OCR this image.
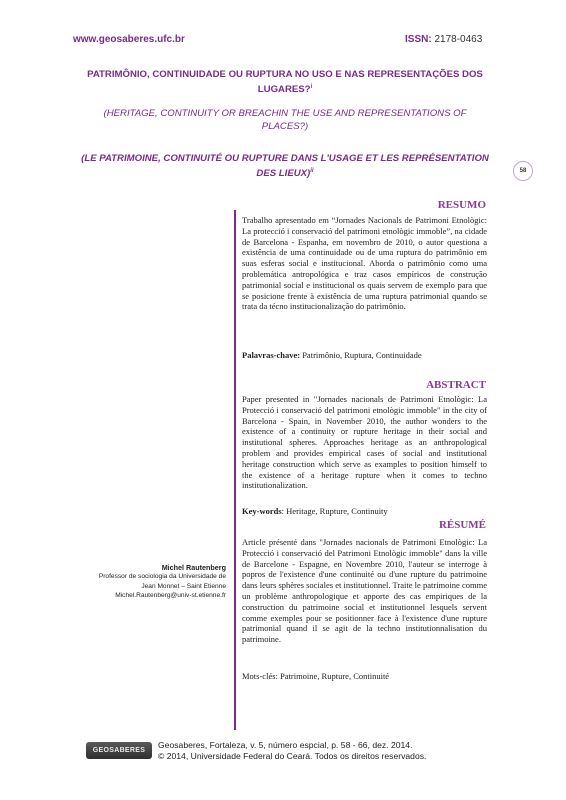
www.geosaberes.ufc.br	ISSN: 2178-0463
PATRIMÔNIO, CONTINUIDADE OU RUPTURA NO USO E NAS REPRESENTAÇÕES DOS
LUGARES?$^i$
(HERITAGE, CONTINUITY OR BREACHIN THE USE AND REPRESENTATIONS OF
PLACES?)
(LE PATRIMOINE, CONTINUITÉ OU RUPTURE DANS L'USAGE ET LES REPRÉSENTATION
DES LIEUX)$^{ii}$	58
RESUMO
Trabalho apresentado em “Jornades Nacionals de Patrimoni Etnològic: La protecció i conservació del patrimoni etnològic immoble”, na cidade de Barcelona - Espanha, em novembro de 2010, o autor questiona a existência de uma continuidade ou de uma ruptura do patrimônio em suas esferas social e institucional. Aborda o patrimônio como uma problemática antropológica e traz casos empíricos de construção patrimonial social e institucional os quais servem de exemplo para que se posicione frente à existência de uma ruptura patrimonial quando se trata da técno institucionalização do patrimônio.
Palavras-chave: Patrimônio, Ruptura, Continuidade
ABSTRACT
Paper presented in "Jornades nacionals de Patrimoni Etnològic: La Protecció i conservació del patrimoni etnològic immoble" in the city of Barcelona - Spain, in November 2010, the author wonders to the existence of a continuity or rupture heritage in their social and institutional spheres. Approaches heritage as an anthropological problem and provides empirical cases of social and institutional heritage construction which serve as examples to position himself to the existence of a heritage rupture when it comes to techno institutionalization.
Key-words: Heritage, Rupture, Continuity
RÉSUMÉ
Article présenté dans "Jornades nacionals de Patrimoni Etnològic: La Protecció i conservació del Patrimoni Etnològic immoble" dans la ville de Barcelone - Espagne, en Novembre 2010, l'auteur se interroge à popros de l'existence d'une continuité ou d'une rupture du patrimoine dans leurs sphères sociales et institutionnel. Traite le patrimoine comme un problème anthropologique et apporte des cas empiriques de la construction du patrimoine social et institutionnel lesquels servent comme exemples pour se positionner face à l'existence d'une rupture patrimonial quand il se agit de la techno institutionnalisation du patrimoine.
Mots-clés: Patrimoine, Rupture, Continuité
Michel Rautenberg
Professor de sociologia da Universidade de
Jean Monnet – Saint Etienne
Michel.Rautenberg@univ-st.etienne.fr
GEOSABERES
Geosaberes, Fortaleza, v. 5, número espcial, p. 58 - 66, dez. 2014.
© 2014, Universidade Federal do Ceará. Todos os direitos reservados.
